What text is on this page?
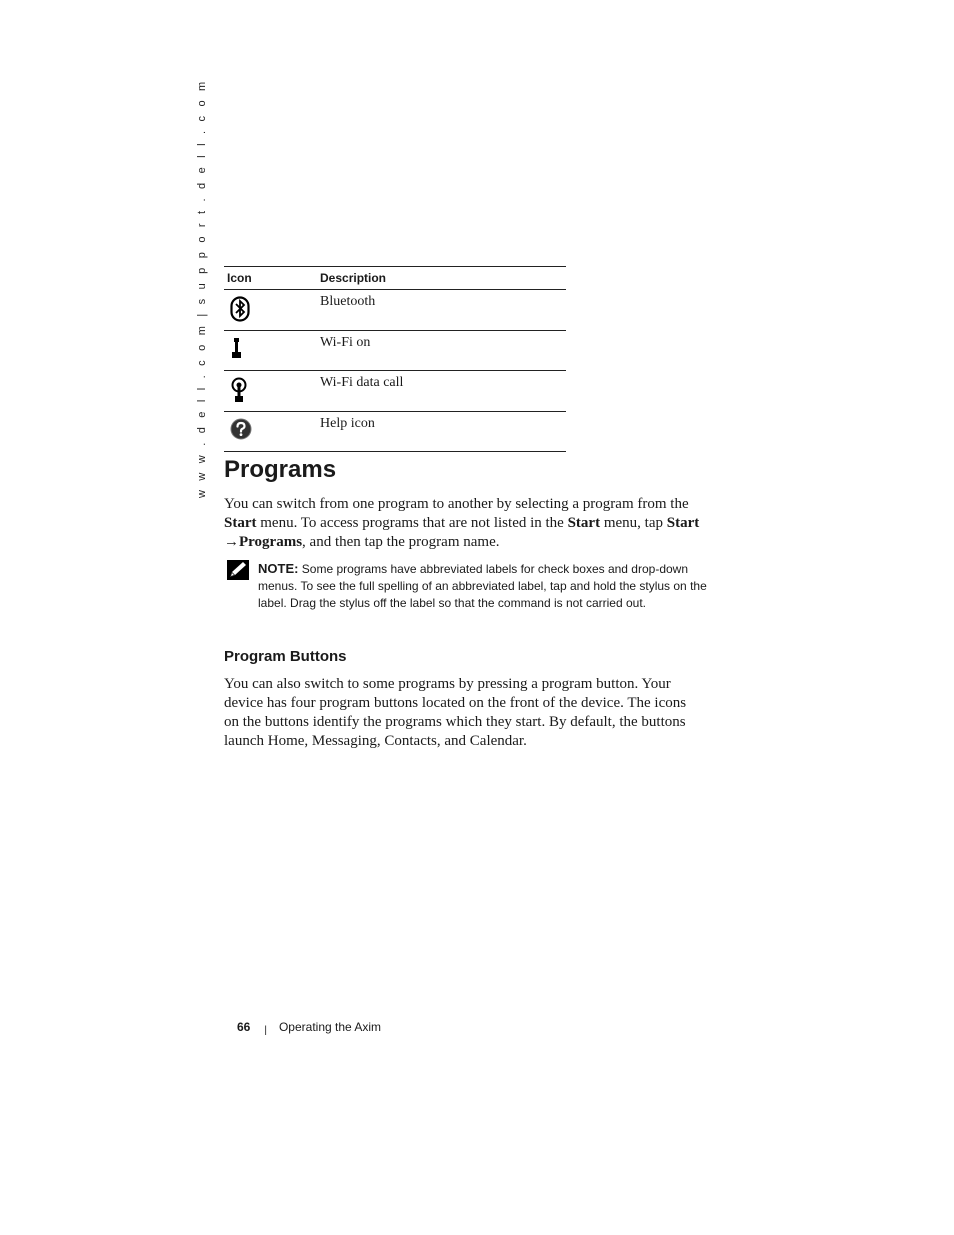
w w w . d e l l . c o m | s u p p o r t . d e l l . c o m Icon	Description
	Bluetooth
	Wi-Fi on
	Wi-Fi data call
	Help icon
Programs

You can switch from one program to another by selecting a program from the Start menu. To access programs that are not listed in the Start menu, tap Start →Programs, and then tap the program name.

NOTE: Some programs have abbreviated labels for check boxes and drop-down menus. To see the full spelling of an abbreviated label, tap and hold the stylus on the label. Drag the stylus off the label so that the command is not carried out.
Program Buttons

You can also switch to some programs by pressing a program button. Your device has four program buttons located on the front of the device. The icons on the buttons identify the programs which they start. By default, the buttons launch Home, Messaging, Contacts, and Calendar.

66 | Operating the Axim
